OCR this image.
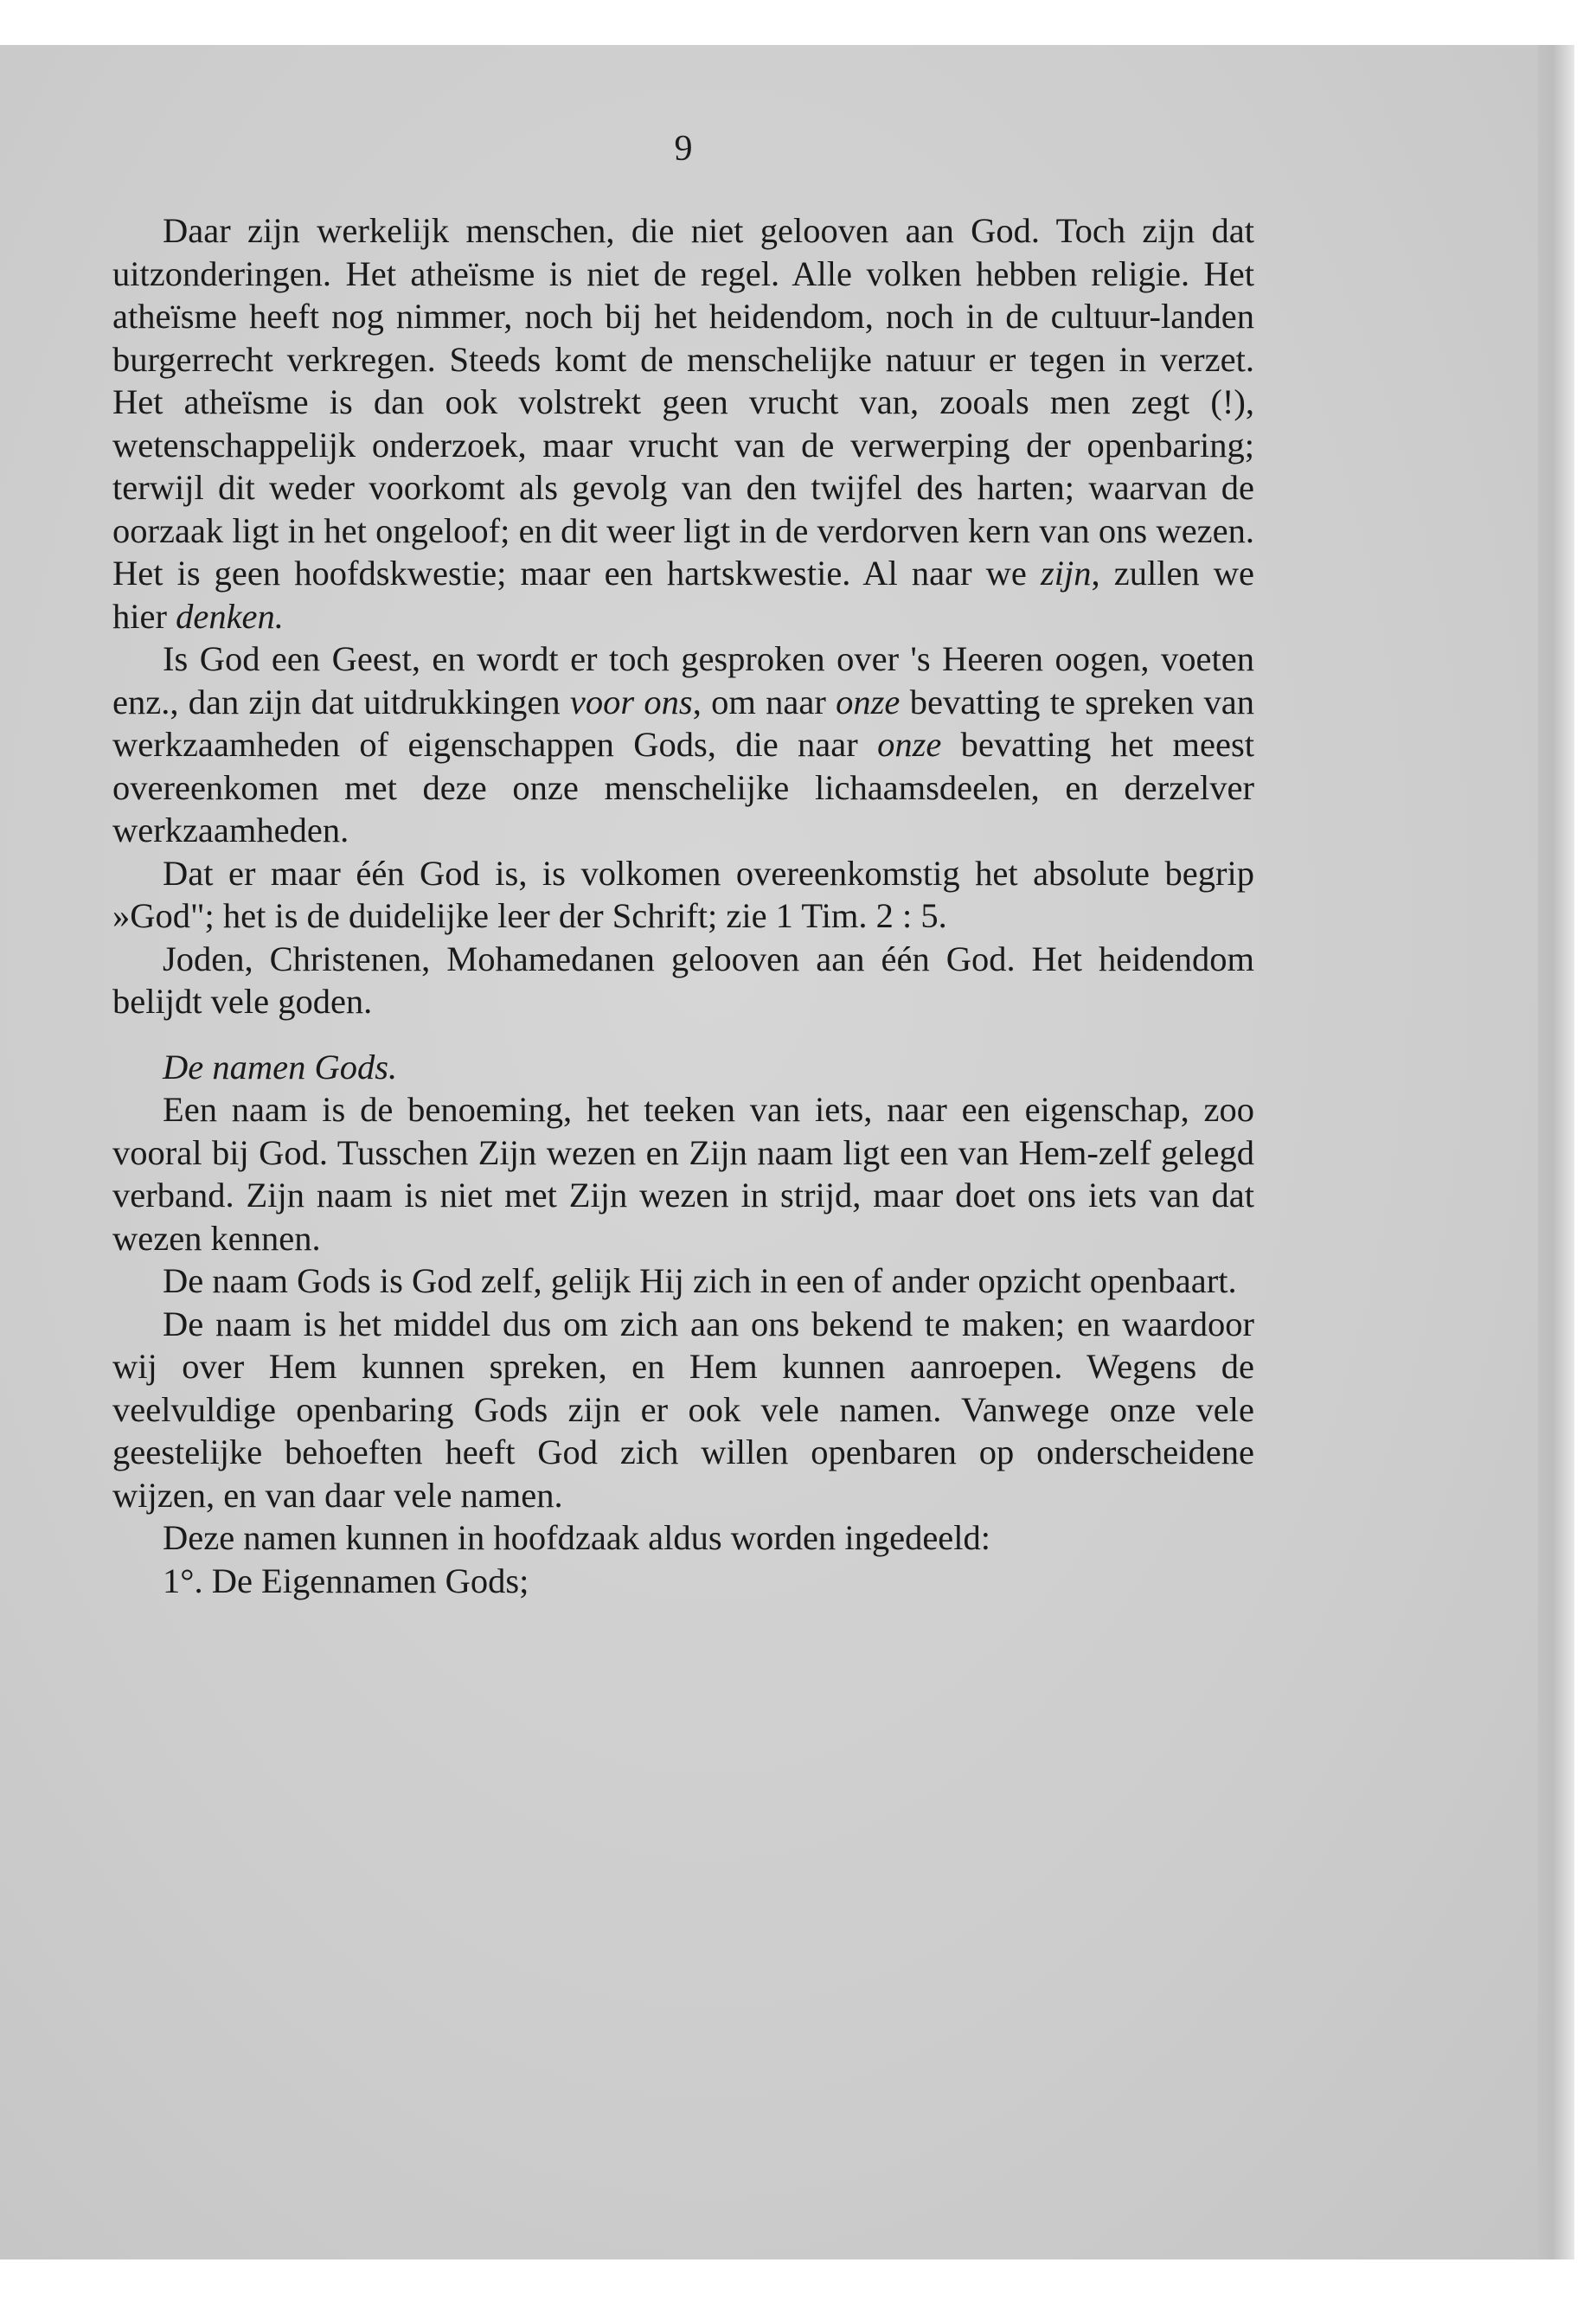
9

Daar zijn werkelijk menschen, die niet gelooven aan God. Toch zijn dat uitzonderingen. Het atheïsme is niet de regel. Alle volken hebben religie. Het atheïsme heeft nog nimmer, noch bij het heidendom, noch in de cultuur-landen burgerrecht verkregen. Steeds komt de menschelijke natuur er tegen in verzet. Het atheïsme is dan ook volstrekt geen vrucht van, zooals men zegt (!), wetenschappelijk onderzoek, maar vrucht van de verwerping der openbaring; terwijl dit weder voorkomt als gevolg van den twijfel des harten; waarvan de oorzaak ligt in het ongeloof; en dit weer ligt in de verdorven kern van ons wezen. Het is geen hoofdskwestie; maar een hartskwestie. Al naar we zijn, zullen we hier denken.

Is God een Geest, en wordt er toch gesproken over 's Heeren oogen, voeten enz., dan zijn dat uitdrukkingen voor ons, om naar onze bevatting te spreken van werkzaamheden of eigenschappen Gods, die naar onze bevatting het meest overeenkomen met deze onze menschelijke lichaamsdeelen, en derzelver werkzaamheden.

Dat er maar één God is, is volkomen overeenkomstig het absolute begrip »God"; het is de duidelijke leer der Schrift; zie 1 Tim. 2 : 5.

Joden, Christenen, Mohamedanen gelooven aan één God. Het heidendom belijdt vele goden.

De namen Gods.

Een naam is de benoeming, het teeken van iets, naar een eigenschap, zoo vooral bij God. Tusschen Zijn wezen en Zijn naam ligt een van Hem-zelf gelegd verband. Zijn naam is niet met Zijn wezen in strijd, maar doet ons iets van dat wezen kennen.

De naam Gods is God zelf, gelijk Hij zich in een of ander opzicht openbaart.

De naam is het middel dus om zich aan ons bekend te maken; en waardoor wij over Hem kunnen spreken, en Hem kunnen aanroepen. Wegens de veelvuldige openbaring Gods zijn er ook vele namen. Vanwege onze vele geestelijke behoeften heeft God zich willen openbaren op onderscheidene wijzen, en van daar vele namen.

Deze namen kunnen in hoofdzaak aldus worden ingedeeld:

1°. De Eigennamen Gods;
